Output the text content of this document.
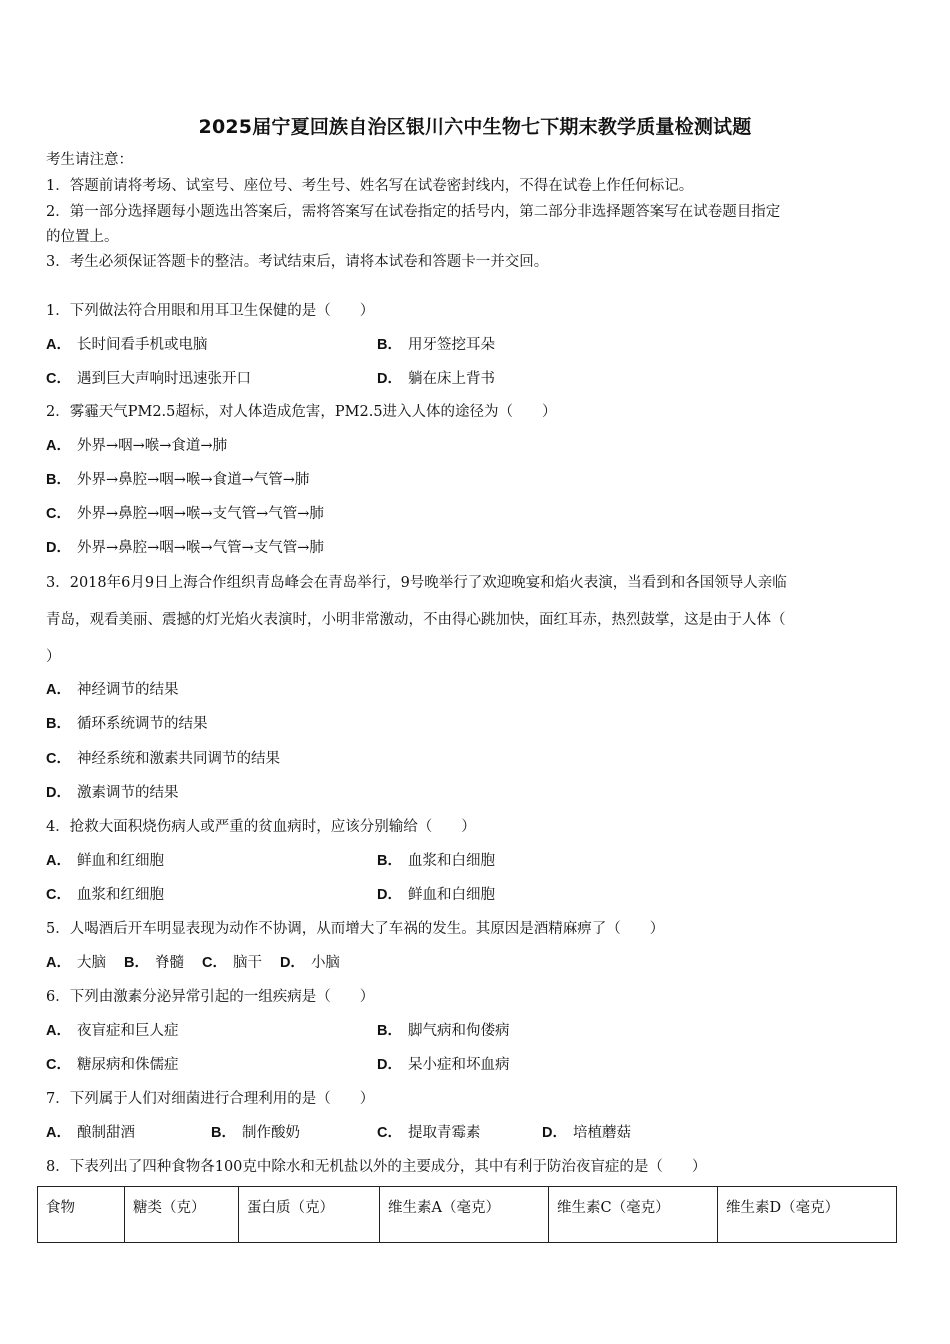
2025届宁夏回族自治区银川六中生物七下期末教学质量检测试题
考生请注意：
1．答题前请将考场、试室号、座位号、考生号、姓名写在试卷密封线内，不得在试卷上作任何标记。
2．第一部分选择题每小题选出答案后，需将答案写在试卷指定的括号内，第二部分非选择题答案写在试卷题目指定
的位置上。
3．考生必须保证答题卡的整洁。考试结束后，请将本试卷和答题卡一并交回。
1．下列做法符合用眼和用耳卫生保健的是（　　）
A． 长时间看手机或电脑	B． 用牙签挖耳朵
C． 遇到巨大声响时迅速张开口	D． 躺在床上背书
2．雾霾天气PM2.5超标，对人体造成危害，PM2.5进入人体的途径为（　　）
A． 外界→咽→喉→食道→肺
B． 外界→鼻腔→咽→喉→食道→气管→肺
C． 外界→鼻腔→咽→喉→支气管→气管→肺
D． 外界→鼻腔→咽→喉→气管→支气管→肺
3．2018年6月9日上海合作组织青岛峰会在青岛举行，9号晚举行了欢迎晚宴和焰火表演，当看到和各国领导人亲临
青岛，观看美丽、震撼的灯光焰火表演时，小明非常激动，不由得心跳加快，面红耳赤，热烈鼓掌，这是由于人体（
）
A． 神经调节的结果
B． 循环系统调节的结果
C． 神经系统和激素共同调节的结果
D． 激素调节的结果
4．抢救大面积烧伤病人或严重的贫血病时，应该分别输给（　　）
A． 鲜血和红细胞	B． 血浆和白细胞
C． 血浆和红细胞	D． 鲜血和白细胞
5．人喝酒后开车明显表现为动作不协调，从而增大了车祸的发生。其原因是酒精麻痹了（　　）
A． 大脑 B． 脊髓 C． 脑干 D． 小脑
6．下列由激素分泌异常引起的一组疾病是（　　）
A． 夜盲症和巨人症	B． 脚气病和佝偻病
C． 糖尿病和侏儒症	D． 呆小症和坏血病
7．下列属于人们对细菌进行合理利用的是（　　）
A． 酿制甜酒	B． 制作酸奶	C． 提取青霉素	D． 培植蘑菇
8．下表列出了四种食物各100克中除水和无机盐以外的主要成分，其中有利于防治夜盲症的是（　　）
食物	糖类（克）	蛋白质（克）	维生素A（毫克）	维生素C（毫克）	维生素D（毫克）
